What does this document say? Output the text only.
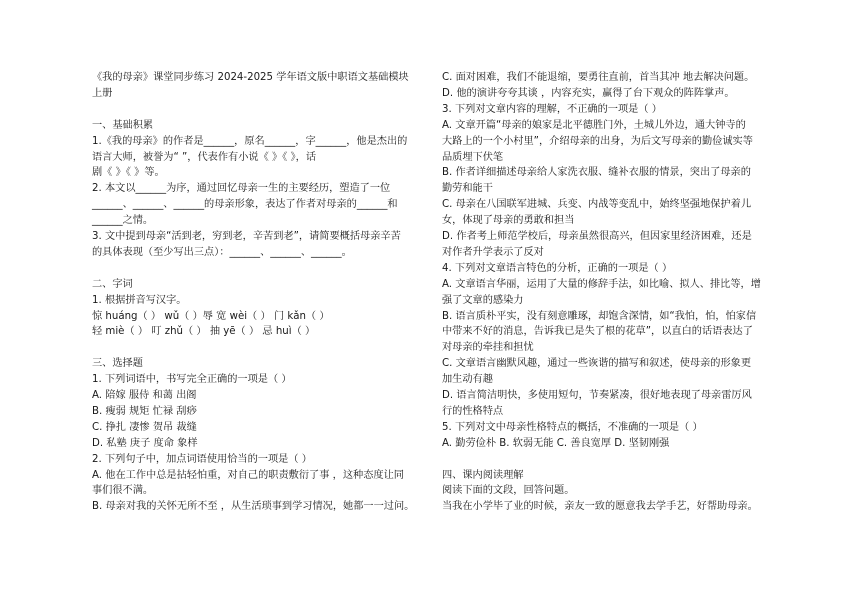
《我的母亲》课堂同步练习 2024-2025 学年语文版中职语文基础模块
上册
一、基础积累
1.《我的母亲》的作者是______，原名______，字______，他是杰出的
语言大师，被誉为“ ”，代表作有小说《 》《 》，话
剧《 》《 》等。
2. 本文以______为序，通过回忆母亲一生的主要经历，塑造了一位
______、______、______的母亲形象，表达了作者对母亲的______和
______之情。
3. 文中提到母亲“活到老，穷到老，辛苦到老”，请简要概括母亲辛苦
的具体表现（至少写出三点）：______、______、______。
二、字词
1. 根据拼音写汉字。
惊 huáng（ ） wǔ（ ）辱 宽 wèi（ ） 门 kǎn（ ）
轻 miè（ ） 叮 zhǔ（ ） 抽 yē（ ） 忌 huì（ ）
三、选择题
1. 下列词语中，书写完全正确的一项是（ ）
A. 陪嫁 服侍 和蔼 出阁
B. 瘦弱 规矩 忙禄 刮痧
C. 挣扎 凄惨 贺吊 裁缝
D. 私塾 庚子 度命 象样
2. 下列句子中，加点词语使用恰当的一项是（ ）
A. 他在工作中总是拈轻怕重，对自己的职责敷衍了事 ，这种态度让同
事们很不满。
B. 母亲对我的关怀无所不至 ，从生活琐事到学习情况，她都一一过问。
C. 面对困难，我们不能退缩，要勇往直前，首当其冲 地去解决问题。
D. 他的演讲夸夸其谈 ，内容充实，赢得了台下观众的阵阵掌声。
3. 下列对文章内容的理解，不正确的一项是（ ）
A. 文章开篇“母亲的娘家是北平德胜门外，土城儿外边，通大钟寺的
大路上的一个小村里”，介绍母亲的出身，为后文写母亲的勤俭诚实等
品质埋下伏笔
B. 作者详细描述母亲给人家洗衣服、缝补衣服的情景，突出了母亲的
勤劳和能干
C. 母亲在八国联军进城、兵变、内战等变乱中，始终坚强地保护着儿
女，体现了母亲的勇敢和担当
D. 作者考上师范学校后，母亲虽然很高兴，但因家里经济困难，还是
对作者升学表示了反对
4. 下列对文章语言特色的分析，正确的一项是（ ）
A. 文章语言华丽，运用了大量的修辞手法，如比喻、拟人、排比等，增
强了文章的感染力
B. 语言质朴平实，没有刻意雕琢，却饱含深情，如“我怕，怕，怕家信
中带来不好的消息，告诉我已是失了根的花草”，以直白的话语表达了
对母亲的牵挂和担忧
C. 文章语言幽默风趣，通过一些诙谐的描写和叙述，使母亲的形象更
加生动有趣
D. 语言简洁明快，多使用短句，节奏紧凑，很好地表现了母亲雷厉风
行的性格特点
5. 下列对文中母亲性格特点的概括，不准确的一项是（ ）
A. 勤劳俭朴 B. 软弱无能 C. 善良宽厚 D. 坚韧刚强
四、课内阅读理解
阅读下面的文段，回答问题。
当我在小学毕了业的时候，亲友一致的愿意我去学手艺，好帮助母亲。
